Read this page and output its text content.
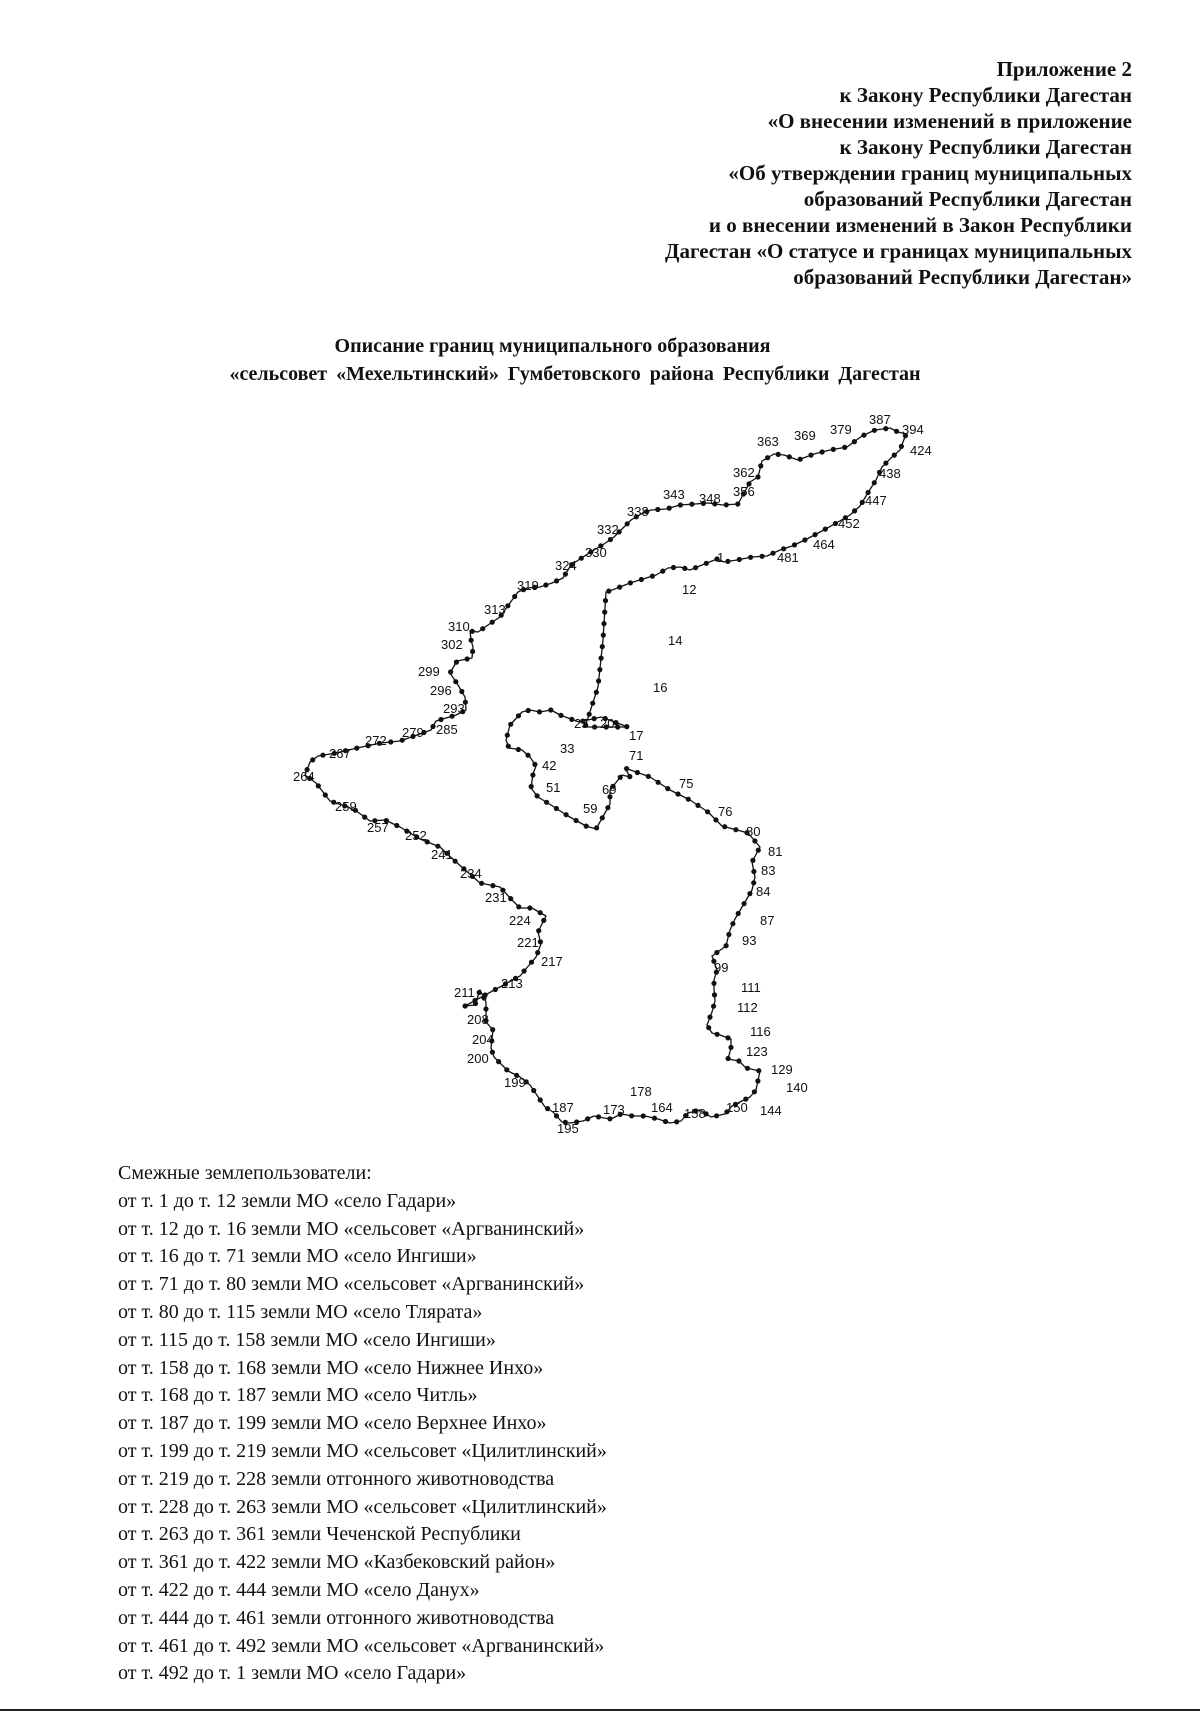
Приложение 2
к Закону Республики Дагестан
«О внесении изменений в приложение
к Закону Республики Дагестан
«Об утверждении границ муниципальных
образований Республики Дагестан
и о внесении изменений в Закон Республики
Дагестан «О статусе и границах муниципальных
образований Республики Дагестан»
Описание границ муниципального образования
«сельсовет «Мехельтинский» Гумбетовского района Республики Дагестан
1
12
14
16
17
20
25
33
42
51
59
69
71
75
76
80
81
83
84
87
93
99
111
112
116
123
129
140
144
150
158
164
173
178
187
195
199
200
204
208
211
213
217
221
224
231
234
241
252
257
259
264
267
272
279 285
293
296
299
302
310
313
319
324
330
332
338
343 348 356
362
363 369 379
387
394
424
438
447
452
464
481
Смежные землепользователи:
от т. 1 до т. 12 земли МО «село Гадари»
от т. 12 до т. 16 земли МО «сельсовет «Аргванинский»
от т. 16 до т. 71 земли МО «село Ингиши»
от т. 71 до т. 80 земли МО «сельсовет «Аргванинский»
от т. 80 до т. 115 земли МО «село Тлярата»
от т. 115 до т. 158 земли МО «село Ингиши»
от т. 158 до т. 168 земли МО «село Нижнее Инхо»
от т. 168 до т. 187 земли МО «село Читль»
от т. 187 до т. 199 земли МО «село Верхнее Инхо»
от т. 199 до т. 219 земли МО «сельсовет «Цилитлинский»
от т. 219 до т. 228 земли отгонного животноводства
от т. 228 до т. 263 земли МО «сельсовет «Цилитлинский»
от т. 263 до т. 361 земли Чеченской Республики
от т. 361 до т. 422 земли МО «Казбековский район»
от т. 422 до т. 444 земли МО «село Данух»
от т. 444 до т. 461 земли отгонного животноводства
от т. 461 до т. 492 земли МО «сельсовет «Аргванинский»
от т. 492 до т. 1 земли МО «село Гадари»
